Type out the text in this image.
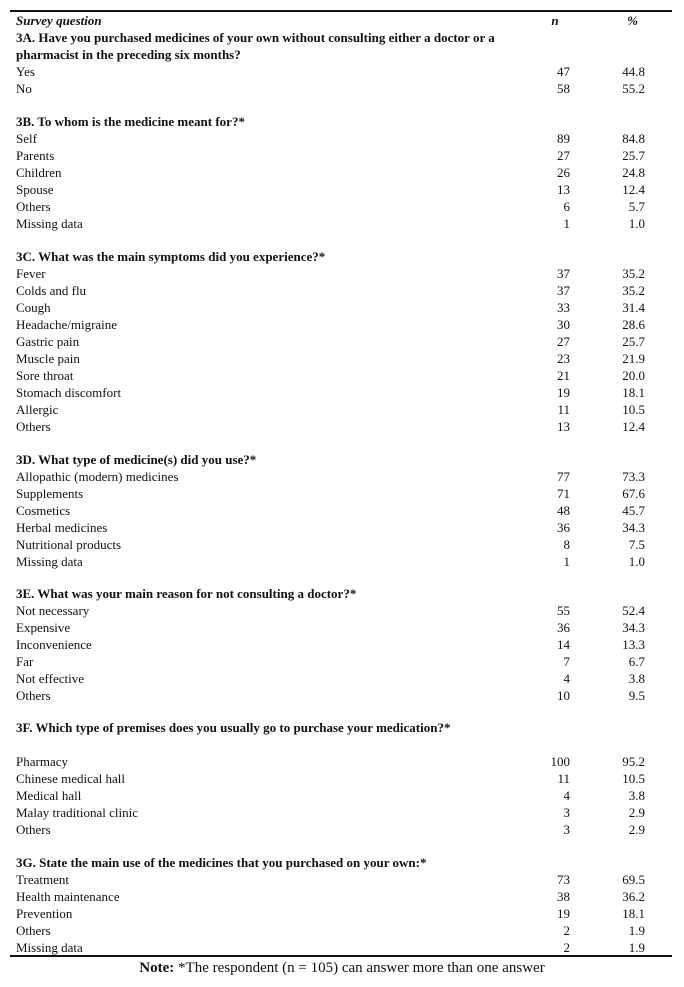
Survey question	n	%
3A. Have you purchased medicines of your own without consulting either a doctor or a pharmacist in the preceding six months?
Yes	47	44.8
No	58	55.2
3B. To whom is the medicine meant for?*
Self	89	84.8
Parents	27	25.7
Children	26	24.8
Spouse	13	12.4
Others	6	5.7
Missing data	1	1.0
3C. What was the main symptoms did you experience?*
Fever	37	35.2
Colds and flu	37	35.2
Cough	33	31.4
Headache/migraine	30	28.6
Gastric pain	27	25.7
Muscle pain	23	21.9
Sore throat	21	20.0
Stomach discomfort	19	18.1
Allergic	11	10.5
Others	13	12.4
3D. What type of medicine(s) did you use?*
Allopathic (modern) medicines	77	73.3
Supplements	71	67.6
Cosmetics	48	45.7
Herbal medicines	36	34.3
Nutritional products	8	7.5
Missing data	1	1.0
3E. What was your main reason for not consulting a doctor?*
Not necessary	55	52.4
Expensive	36	34.3
Inconvenience	14	13.3
Far	7	6.7
Not effective	4	3.8
Others	10	9.5
3F. Which type of premises does you usually go to purchase your medication?*
Pharmacy	100	95.2
Chinese medical hall	11	10.5
Medical hall	4	3.8
Malay traditional clinic	3	2.9
Others	3	2.9
3G. State the main use of the medicines that you purchased on your own:*
Treatment	73	69.5
Health maintenance	38	36.2
Prevention	19	18.1
Others	2	1.9
Missing data	2	1.9
Note: *The respondent (n = 105) can answer more than one answer
